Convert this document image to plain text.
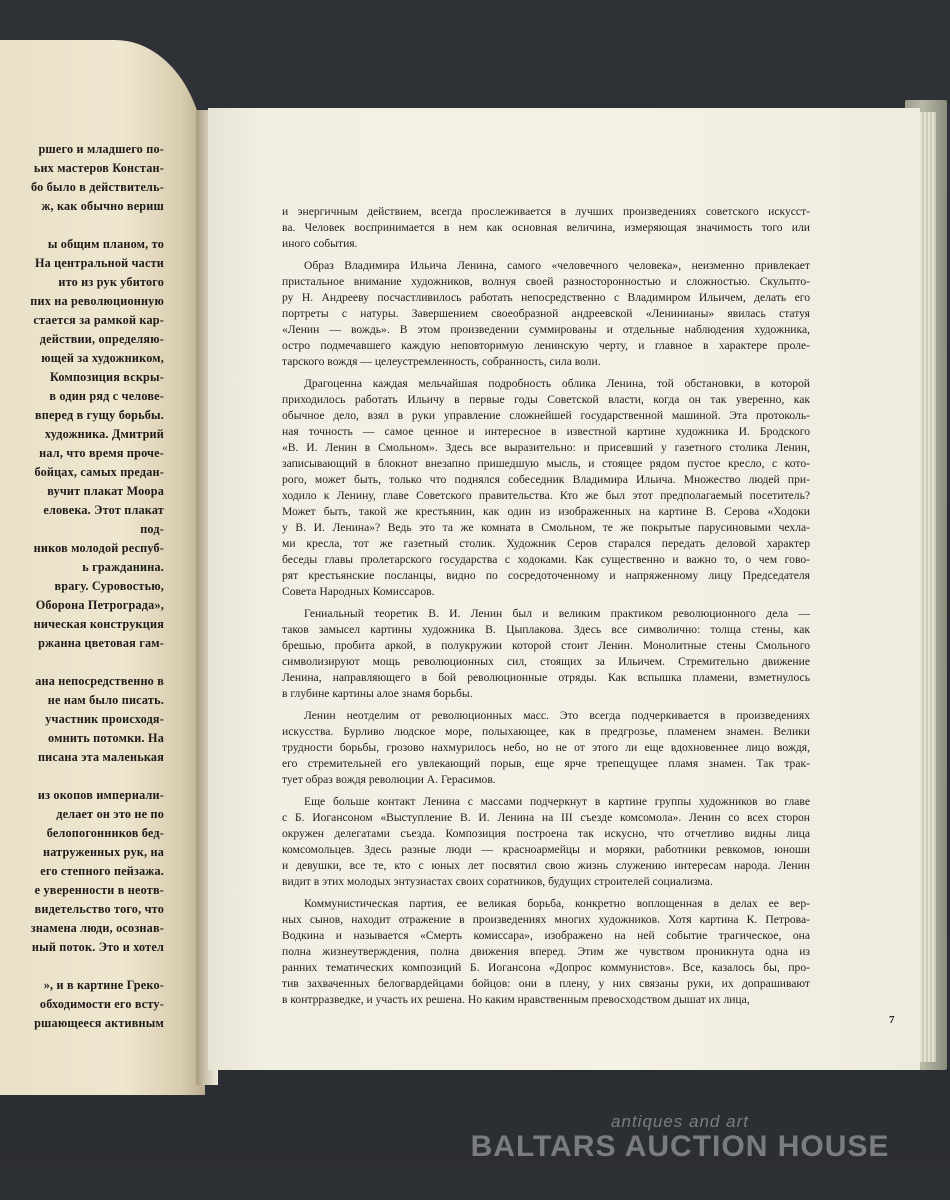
ршего и младшего по-
ьих мастеров Констан-
бо было в действитель-
ж, как обычно вериш
ы общим планом, то
На центральной части
ито из рук убитого
пих на революционную
стается за рамкой кар-
действии, определяю-
ющей за художником,
Композиция вскры-
в один ряд с челове-
вперед в гущу борьбы.
художника. Дмитрий
нал, что время проче-
бойцах, самых предан-
вучит плакат Моора
еловека. Этот плакат
под-
ников молодой респуб-
ь гражданина.
врагу. Суровостью,
Оборона Петрограда»,
ническая конструкция
ржанна цветовая гам-
ана непосредственно в
не нам было писать.
участник происходя-
омнить потомки. На
писана эта маленькая
из окопов империали-
делает он это не по
белопогонников бед-
натруженных рук, на
его степного пейзажа.
е уверенности в неотв-
видетельство того, что
знамена люди, осознав-
ный поток. Это и хотел
», и в картине Греко-
обходимости его всту-
ршающееся активным

и энергичным действием, всегда прослеживается в лучших произведениях советского искусст-
ва. Человек воспринимается в нем как основная величина, измеряющая значимость того или
иного события.

Образ Владимира Ильича Ленина, самого «человечного человека», неизменно привлекает
пристальное внимание художников, волнуя своей разносторонностью и сложностью. Скульпто-
ру Н. Андрееву посчастливилось работать непосредственно с Владимиром Ильичем, делать его
портреты с натуры. Завершением своеобразной андреевской «Ленинианы» явилась статуя
«Ленин — вождь». В этом произведении суммированы и отдельные наблюдения художника,
остро подмечавшего каждую неповторимую ленинскую черту, и главное в характере проле-
тарского вождя — целеустремленность, собранность, сила воли.

Драгоценна каждая мельчайшая подробность облика Ленина, той обстановки, в которой
приходилось работать Ильичу в первые годы Советской власти, когда он так уверенно, как
обычное дело, взял в руки управление сложнейшей государственной машиной. Эта протоколь-
ная точность — самое ценное и интересное в известной картине художника И. Бродского
«В. И. Ленин в Смольном». Здесь все выразительно: и присевший у газетного столика Ленин,
записывающий в блокнот внезапно пришедшую мысль, и стоящее рядом пустое кресло, с кото-
рого, может быть, только что поднялся собеседник Владимира Ильича. Множество людей при-
ходило к Ленину, главе Советского правительства. Кто же был этот предполагаемый посетитель?
Может быть, такой же крестьянин, как один из изображенных на картине В. Серова «Ходоки
у В. И. Ленина»? Ведь это та же комната в Смольном, те же покрытые парусиновыми чехла-
ми кресла, тот же газетный столик. Художник Серов старался передать деловой характер
беседы главы пролетарского государства с ходоками. Как существенно и важно то, о чем гово-
рят крестьянские посланцы, видно по сосредоточенному и напряженному лицу Председателя
Совета Народных Комиссаров.

Гениальный теоретик В. И. Ленин был и великим практиком революционного дела —
таков замысел картины художника В. Цыплакова. Здесь все символично: толща стены, как
брешью, пробита аркой, в полукружии которой стоит Ленин. Монолитные стены Смольного
символизируют мощь революционных сил, стоящих за Ильичем. Стремительно движение
Ленина, направляющего в бой революционные отряды. Как вспышка пламени, взметнулось
в глубине картины алое знамя борьбы.

Ленин неотделим от революционных масс. Это всегда подчеркивается в произведениях
искусства. Бурливо людское море, полыхающее, как в предгрозье, пламенем знамен. Велики
трудности борьбы, грозово нахмурилось небо, но не от этого ли еще вдохновеннее лицо вождя,
его стремительней его увлекающий порыв, еще ярче трепещущее пламя знамен. Так трак-
тует образ вождя революции А. Герасимов.

Еще больше контакт Ленина с массами подчеркнут в картине группы художников во главе
с Б. Иогансоном «Выступление В. И. Ленина на III съезде комсомола». Ленин со всех сторон
окружен делегатами съезда. Композиция построена так искусно, что отчетливо видны лица
комсомольцев. Здесь разные люди — красноармейцы и моряки, работники ревкомов, юноши
и девушки, все те, кто с юных лет посвятил свою жизнь служению интересам народа. Ленин
видит в этих молодых энтузиастах своих соратников, будущих строителей социализма.

Коммунистическая партия, ее великая борьба, конкретно воплощенная в делах ее вер-
ных сынов, находит отражение в произведениях многих художников. Хотя картина К. Петрова-
Водкина и называется «Смерть комиссара», изображено на ней событие трагическое, она
полна жизнеутверждения, полна движения вперед. Этим же чувством проникнута одна из
ранних тематических композиций Б. Иогансона «Допрос коммунистов». Все, казалось бы, про-
тив захваченных белогвардейцами бойцов: они в плену, у них связаны руки, их допрашивают
в контрразведке, и участь их решена. Но каким нравственным превосходством дышат их лица,

7
antiques and art
BALTARS AUCTION HOUSE
